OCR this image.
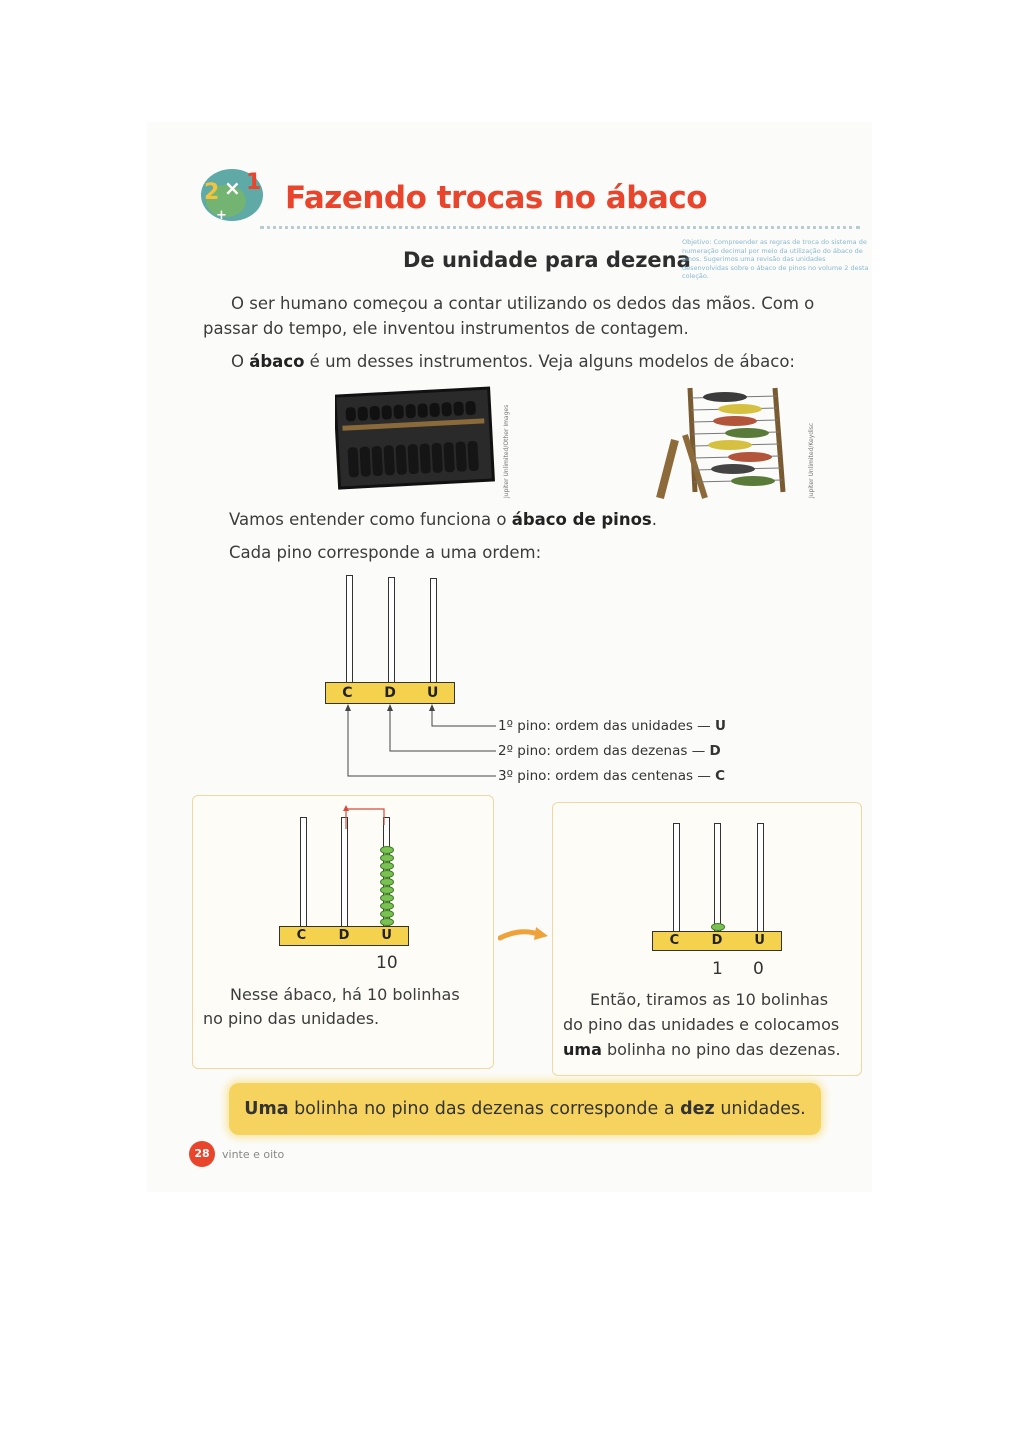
2 × 1
+ Fazendo trocas no ábaco
De unidade para dezena
Objetivo: Compreender as regras de troca do sistema de numeração decimal por meio da utilização do ábaco de pinos. Sugerimos uma revisão das unidades desenvolvidas sobre o ábaco de pinos no volume 2 desta coleção.
O ser humano começou a contar utilizando os dedos das mãos. Com o
passar do tempo, ele inventou instrumentos de contagem.
O ábaco é um desses instrumentos. Veja alguns modelos de ábaco:
Jupiter Unlimited/Other Images	Jupiter Unlimited/Keydisc
Vamos entender como funciona o ábaco de pinos.
Cada pino corresponde a uma ordem:
C	D	U
1º pino: ordem das unidades — U
2º pino: ordem das dezenas — D
3º pino: ordem das centenas — C
C	D	U
10
Nesse ábaco, há 10 bolinhas
no pino das unidades.
C	D	U
1 0
Então, tiramos as 10 bolinhas
do pino das unidades e colocamos
uma bolinha no pino das dezenas.
Uma bolinha no pino das dezenas corresponde a dez unidades.
28	vinte e oito
